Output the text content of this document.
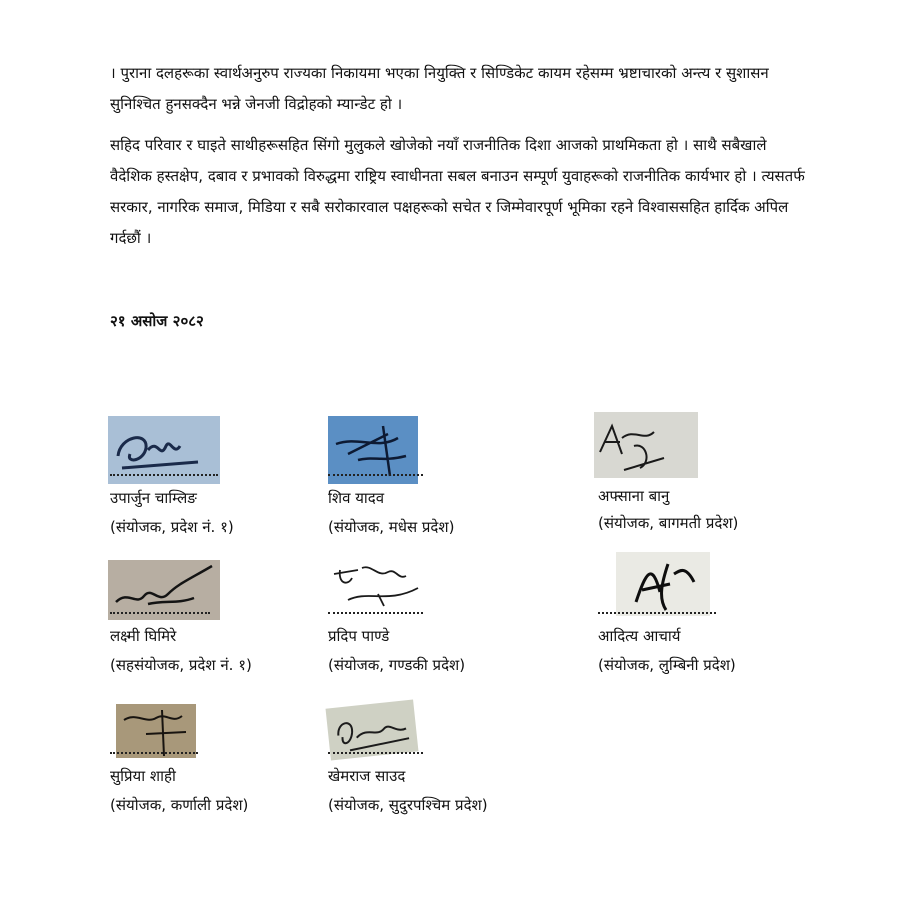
। पुराना दलहरूका स्वार्थअनुरुप राज्यका निकायमा भएका नियुक्ति र सिण्डिकेट कायम रहेसम्म भ्रष्टाचारको अन्त्य र सुशासन सुनिश्चित हुनसक्दैन भन्ने जेनजी विद्रोहको म्यान्डेट हो ।

सहिद परिवार र घाइते साथीहरूसहित सिंगो मुलुकले खोजेको नयाँ राजनीतिक दिशा आजको प्राथमिकता हो । साथै सबैखाले वैदेशिक हस्तक्षेप, दबाव र प्रभावको विरुद्धमा राष्ट्रिय स्वाधीनता सबल बनाउन सम्पूर्ण युवाहरूको राजनीतिक कार्यभार हो । त्यसतर्फ सरकार, नागरिक समाज, मिडिया र सबै सरोकारवाल पक्षहरूको सचेत र जिम्मेवारपूर्ण भूमिका रहने विश्वाससहित हार्दिक अपिल गर्दछौं ।

२१ असोज २०८२

उपार्जुन चाम्लिङ
(संयोजक, प्रदेश नं. १)
शिव यादव
(संयोजक, मधेस प्रदेश)
अफ्साना बानु
(संयोजक, बागमती प्रदेश)
लक्ष्मी घिमिरे
(सहसंयोजक, प्रदेश नं. १)
प्रदिप पाण्डे
(संयोजक, गण्डकी प्रदेश)
आदित्य आचार्य
(संयोजक, लुम्बिनी प्रदेश)
सुप्रिया शाही
(संयोजक, कर्णाली प्रदेश)
खेमराज साउद
(संयोजक, सुदुरपश्चिम प्रदेश)
